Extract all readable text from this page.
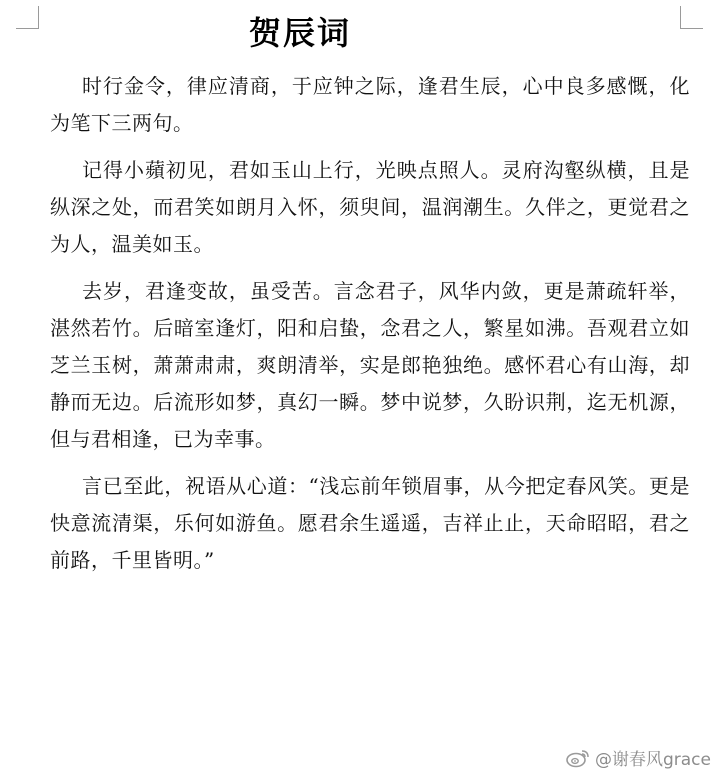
贺辰词

时行金令，律应清商，于应钟之际，逢君生辰，心中良多感慨，化为笔下三两句。

记得小蘋初见，君如玉山上行，光映点照人。灵府沟壑纵横，且是纵深之处，而君笑如朗月入怀，须臾间，温润潮生。久伴之，更觉君之为人，温美如玉。

去岁，君逢变故，虽受苦。言念君子，风华内敛，更是萧疏轩举，湛然若竹。后暗室逢灯，阳和启蛰，念君之人，繁星如沸。吾观君立如芝兰玉树，萧萧肃肃，爽朗清举，实是郎艳独绝。感怀君心有山海，却静而无边。后流形如梦，真幻一瞬。梦中说梦，久盼识荆，迄无机源，但与君相逢，已为幸事。

言已至此，祝语从心道：“浅忘前年锁眉事，从今把定春风笑。更是快意流清渠，乐何如游鱼。愿君余生遥遥，吉祥止止，天命昭昭，君之前路，千里皆明。”

@谢春风grace
